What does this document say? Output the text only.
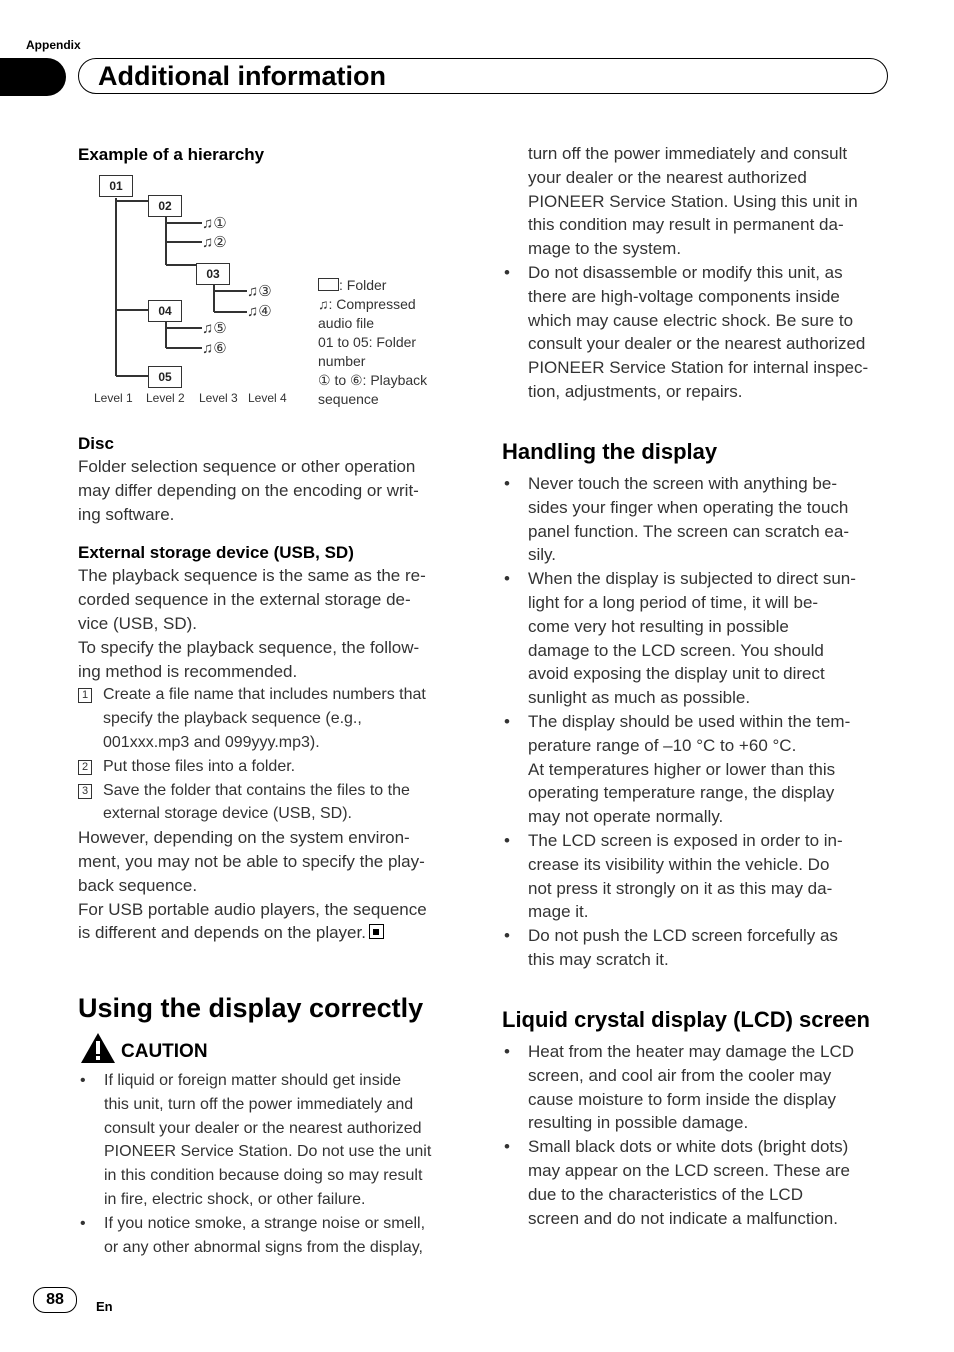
Appendix
Additional information
Example of a hierarchy
01
02
03
04
05
♫①
♫②
♫③
♫④
♫⑤
♫⑥
Level 1 Level 2 Level 3 Level 4
: Folder
♫: Compressed
audio file
01 to 05: Folder
number
① to ⑥: Playback
sequence
Disc
Folder selection sequence or other operation
may differ depending on the encoding or writ-
ing software.
External storage device (USB, SD)
The playback sequence is the same as the re-
corded sequence in the external storage de-
vice (USB, SD).
To specify the playback sequence, the follow-
ing method is recommended.
1 Create a file name that includes numbers that
specify the playback sequence (e.g.,
001xxx.mp3 and 099yyy.mp3).
2 Put those files into a folder.
3 Save the folder that contains the files to the
external storage device (USB, SD).
However, depending on the system environ-
ment, you may not be able to specify the play-
back sequence.
For USB portable audio players, the sequence
is different and depends on the player.
Using the display correctly
CAUTION
• If liquid or foreign matter should get inside
this unit, turn off the power immediately and
consult your dealer or the nearest authorized
PIONEER Service Station. Do not use the unit
in this condition because doing so may result
in fire, electric shock, or other failure.
• If you notice smoke, a strange noise or smell,
or any other abnormal signs from the display,
turn off the power immediately and consult
your dealer or the nearest authorized
PIONEER Service Station. Using this unit in
this condition may result in permanent da-
mage to the system.
• Do not disassemble or modify this unit, as
there are high-voltage components inside
which may cause electric shock. Be sure to
consult your dealer or the nearest authorized
PIONEER Service Station for internal inspec-
tion, adjustments, or repairs.
Handling the display
• Never touch the screen with anything be-
sides your finger when operating the touch
panel function. The screen can scratch ea-
sily.
• When the display is subjected to direct sun-
light for a long period of time, it will be-
come very hot resulting in possible
damage to the LCD screen. You should
avoid exposing the display unit to direct
sunlight as much as possible.
• The display should be used within the tem-
perature range of –10 °C to +60 °C.
At temperatures higher or lower than this
operating temperature range, the display
may not operate normally.
• The LCD screen is exposed in order to in-
crease its visibility within the vehicle. Do
not press it strongly on it as this may da-
mage it.
• Do not push the LCD screen forcefully as
this may scratch it.
Liquid crystal display (LCD) screen
• Heat from the heater may damage the LCD
screen, and cool air from the cooler may
cause moisture to form inside the display
resulting in possible damage.
• Small black dots or white dots (bright dots)
may appear on the LCD screen. These are
due to the characteristics of the LCD
screen and do not indicate a malfunction.
88	En
